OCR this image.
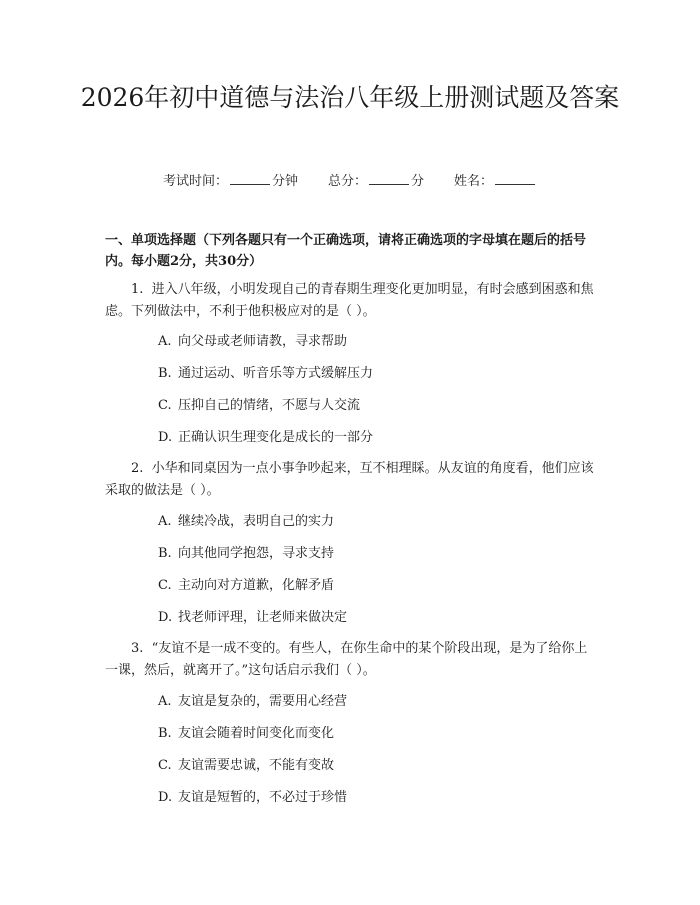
2026年初中道德与法治八年级上册测试题及答案
考试时间：	分钟 总分：	分 姓名：
一、单项选择题（下列各题只有一个正确选项，请将正确选项的字母填在题后的括号内。每小题2分，共30分）
1. 进入八年级，小明发现自己的青春期生理变化更加明显，有时会感到困惑和焦虑。下列做法中，不利于他积极应对的是（ ）。
A. 向父母或老师请教，寻求帮助
B. 通过运动、听音乐等方式缓解压力
C. 压抑自己的情绪，不愿与人交流
D. 正确认识生理变化是成长的一部分
2. 小华和同桌因为一点小事争吵起来，互不相理睬。从友谊的角度看，他们应该采取的做法是（ ）。
A. 继续冷战，表明自己的实力
B. 向其他同学抱怨，寻求支持
C. 主动向对方道歉，化解矛盾
D. 找老师评理，让老师来做决定
3. “友谊不是一成不变的。有些人，在你生命中的某个阶段出现，是为了给你上一课，然后，就离开了。”这句话启示我们（ ）。
A. 友谊是复杂的，需要用心经营
B. 友谊会随着时间变化而变化
C. 友谊需要忠诚，不能有变故
D. 友谊是短暂的，不必过于珍惜
